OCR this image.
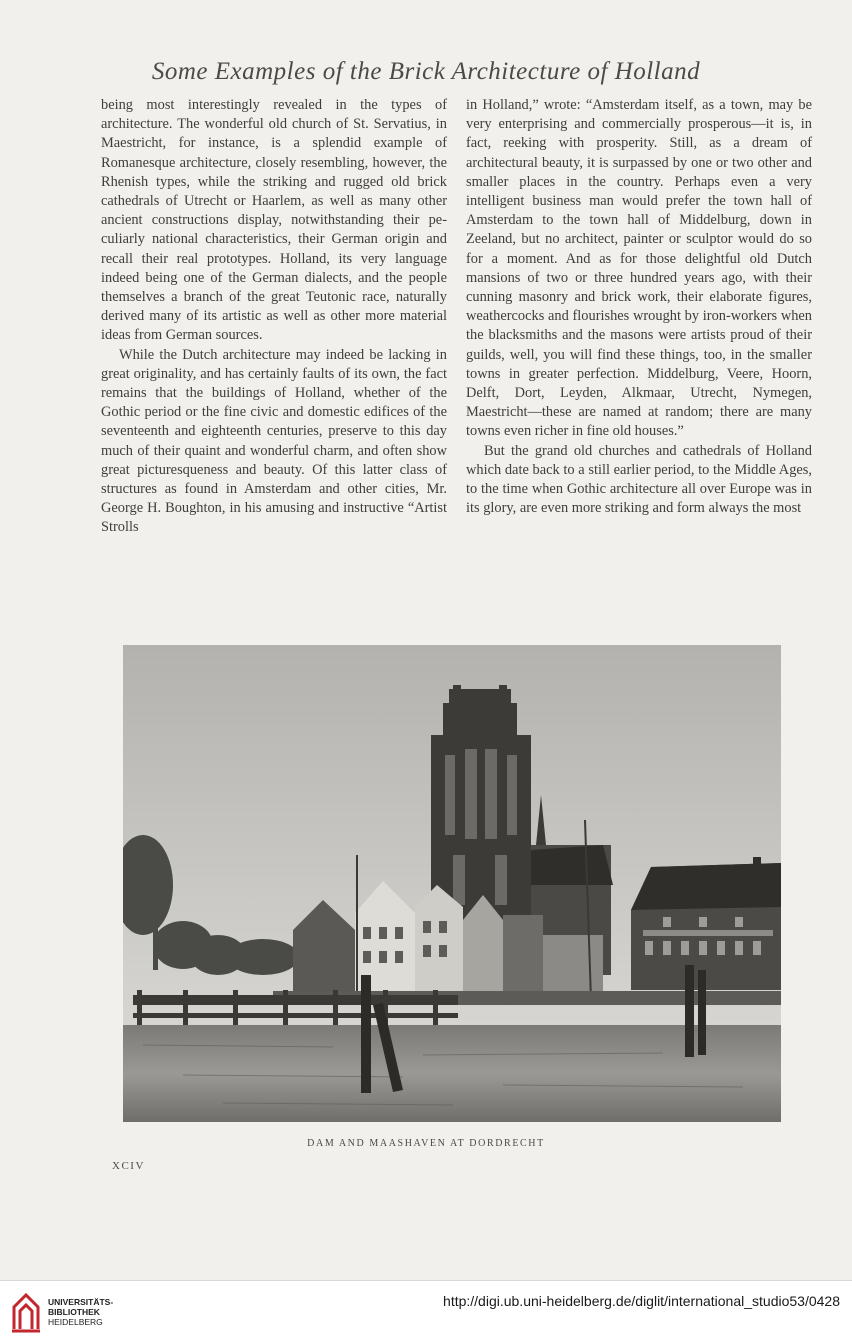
Some Examples of the Brick Architecture of Holland

being most interestingly revealed in the types of architecture. The wonderful old church of St. Servatius, in Maestricht, for instance, is a splendid example of Romanesque architecture, closely resembling, however, the Rhenish types, while the striking and rugged old brick cathedrals of Utrecht or Haarlem, as well as many other ancient constructions display, notwithstanding their peculiarly national characteristics, their German origin and recall their real prototypes. Holland, its very language indeed being one of the German dialects, and the people themselves a branch of the great Teutonic race, naturally derived many of its artistic as well as other more material ideas from German sources.

While the Dutch architecture may indeed be lacking in great originality, and has certainly faults of its own, the fact remains that the buildings of Holland, whether of the Gothic period or the fine civic and domestic edifices of the seventeenth and eighteenth centuries, preserve to this day much of their quaint and wonderful charm, and often show great picturesqueness and beauty. Of this latter class of structures as found in Amsterdam and other cities, Mr. George H. Boughton, in his amusing and instructive “Artist Strolls

in Holland,” wrote: “Amsterdam itself, as a town, may be very enterprising and commercially prosperous—it is, in fact, reeking with prosperity. Still, as a dream of architectural beauty, it is surpassed by one or two other and smaller places in the country. Perhaps even a very intelligent business man would prefer the town hall of Amsterdam to the town hall of Middelburg, down in Zeeland, but no architect, painter or sculptor would do so for a moment. And as for those delightful old Dutch mansions of two or three hundred years ago, with their cunning masonry and brick work, their elaborate figures, weathercocks and flourishes wrought by iron-workers when the blacksmiths and the masons were artists proud of their guilds, well, you will find these things, too, in the smaller towns in greater perfection. Middelburg, Veere, Hoorn, Delft, Dort, Leyden, Alkmaar, Utrecht, Nymegen, Maestricht—these are named at random; there are many towns even richer in fine old houses.”

But the grand old churches and cathedrals of Holland which date back to a still earlier period, to the Middle Ages, to the time when Gothic architecture all over Europe was in its glory, are even more striking and form always the most

DAM AND MAASHAVEN AT DORDRECHT
XCIV
UNIVERSITÄTS-
BIBLIOTHEK
HEIDELBERG
http://digi.ub.uni-heidelberg.de/diglit/international_studio53/0428
